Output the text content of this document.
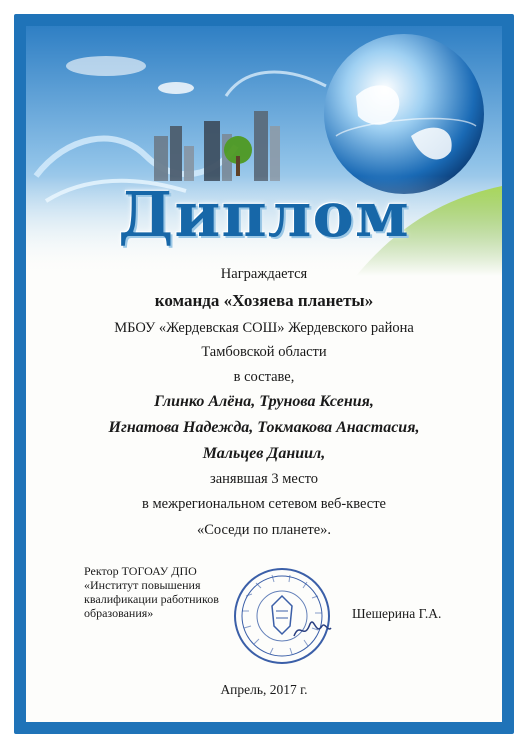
Диплом
Награждается
команда «Хозяева планеты»
МБОУ «Жердевская СОШ» Жердевского района
Тамбовской области
в составе,
Глинко Алёна, Трунова Ксения,
Игнатова Надежда, Токмакова Анастасия,
Мальцев Даниил,
занявшая 3 место
в межрегиональном сетевом веб-квесте
«Соседи по планете».
Ректор ТОГОАУ ДПО
«Институт повышения
квалификации работников
образования»	Шешерина Г.А.
Апрель, 2017 г.
